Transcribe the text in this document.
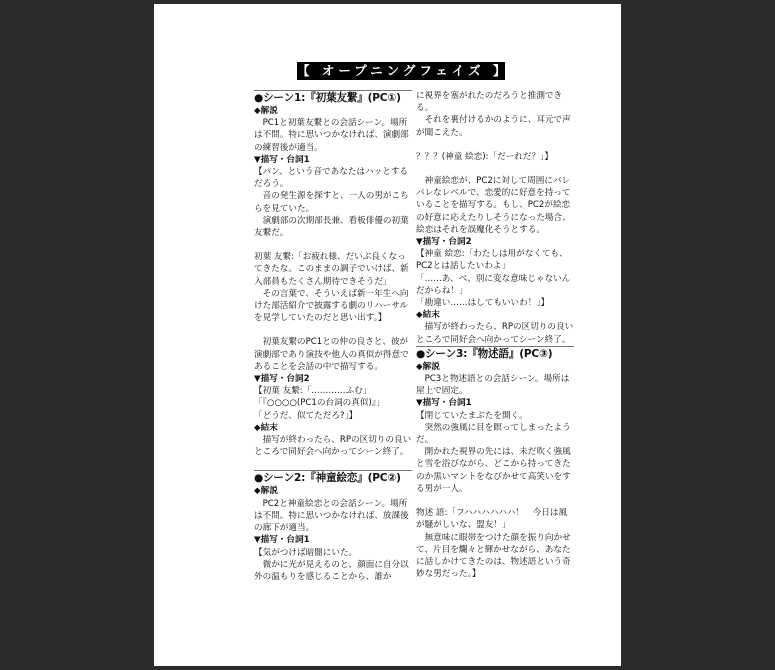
【 オープニングフェイズ 】
●シーン1:『初葉友繋』(PC①)
◆解説
　PC1と初葉友繋との会話シーン。場所は不問。特に思いつかなければ、演劇部の練習後が適当。
▼描写・台詞1
【パン、という音であなたはハッとするだろう。
　音の発生源を探すと、一人の男がこちらを見ていた。
　演劇部の次期部長兼、看板俳優の初葉友繋だ。
初葉 友繋:「お疲れ様、だいぶ良くなってきたな。このままの調子でいけば、新入部員もたくさん期待できそうだ」
　その言葉で、そういえば新一年生へ向けた部活紹介で披露する劇のリハーサルを見学していたのだと思い出す。】
　初葉友繋のPC1との仲の良さと、彼が演劇部であり演技や他人の真似が得意であることを会話の中で描写する。
▼描写・台詞2
【初葉 友繋:「…………ふむ」
「『○○○○(PC1の台詞の真似)』」
「どうだ、似てただろ?」】
◆結末
　描写が終わったら、RPの区切りの良いところで同好会へ向かってシーン終了。
●シーン2:『神童絵恋』(PC②)
◆解説
　PC2と神童絵恋との会話シーン。場所は不問。特に思いつかなければ、放課後の廊下が適当。
▼描写・台詞1
【気がつけば暗闇にいた。
　微かに光が見えるのと、顔面に自分以外の温もりを感じることから、誰か
に視界を塞がれたのだろうと推測できる。
　それを裏付けるかのように、耳元で声が聞こえた。
？？？(神童 絵恋):「だーれだ？」】
　神童絵恋が、PC2に対して周囲にバレバレなレベルで、恋愛的に好意を持っていることを描写する。もし、PC2が絵恋の好意に応えたりしそうになった場合、絵恋はそれを誤魔化そうとする。
▼描写・台詞2
【神童 絵恋:「わたしは用がなくても、PC2とは話したいわよ」
「……あ、べ、別に変な意味じゃないんだからね！」
「勘違い……はしてもいいわ！」】
◆結末
　描写が終わったら、RPの区切りの良いところで同好会へ向かってシーン終了。
●シーン3:『物述語』(PC③)
◆解説
　PC3と物述語との会話シーン。場所は屋上で固定。
▼描写・台詞1
【閉じていたまぶたを開く。
　突然の強風に目を瞑ってしまったようだ。
　開かれた視界の先には、未だ吹く強風と雪を浴びながら、どこから持ってきたのか黒いマントをなびかせて高笑いをする男が一人。
物述 語:「フハハハハハハ！　今日は風が騒がしいな、盟友！」
　無意味に眼帯をつけた顔を振り向かせて、片目を爛々と輝かせながら、あなたに話しかけてきたのは、物述語という奇妙な男だった。】
